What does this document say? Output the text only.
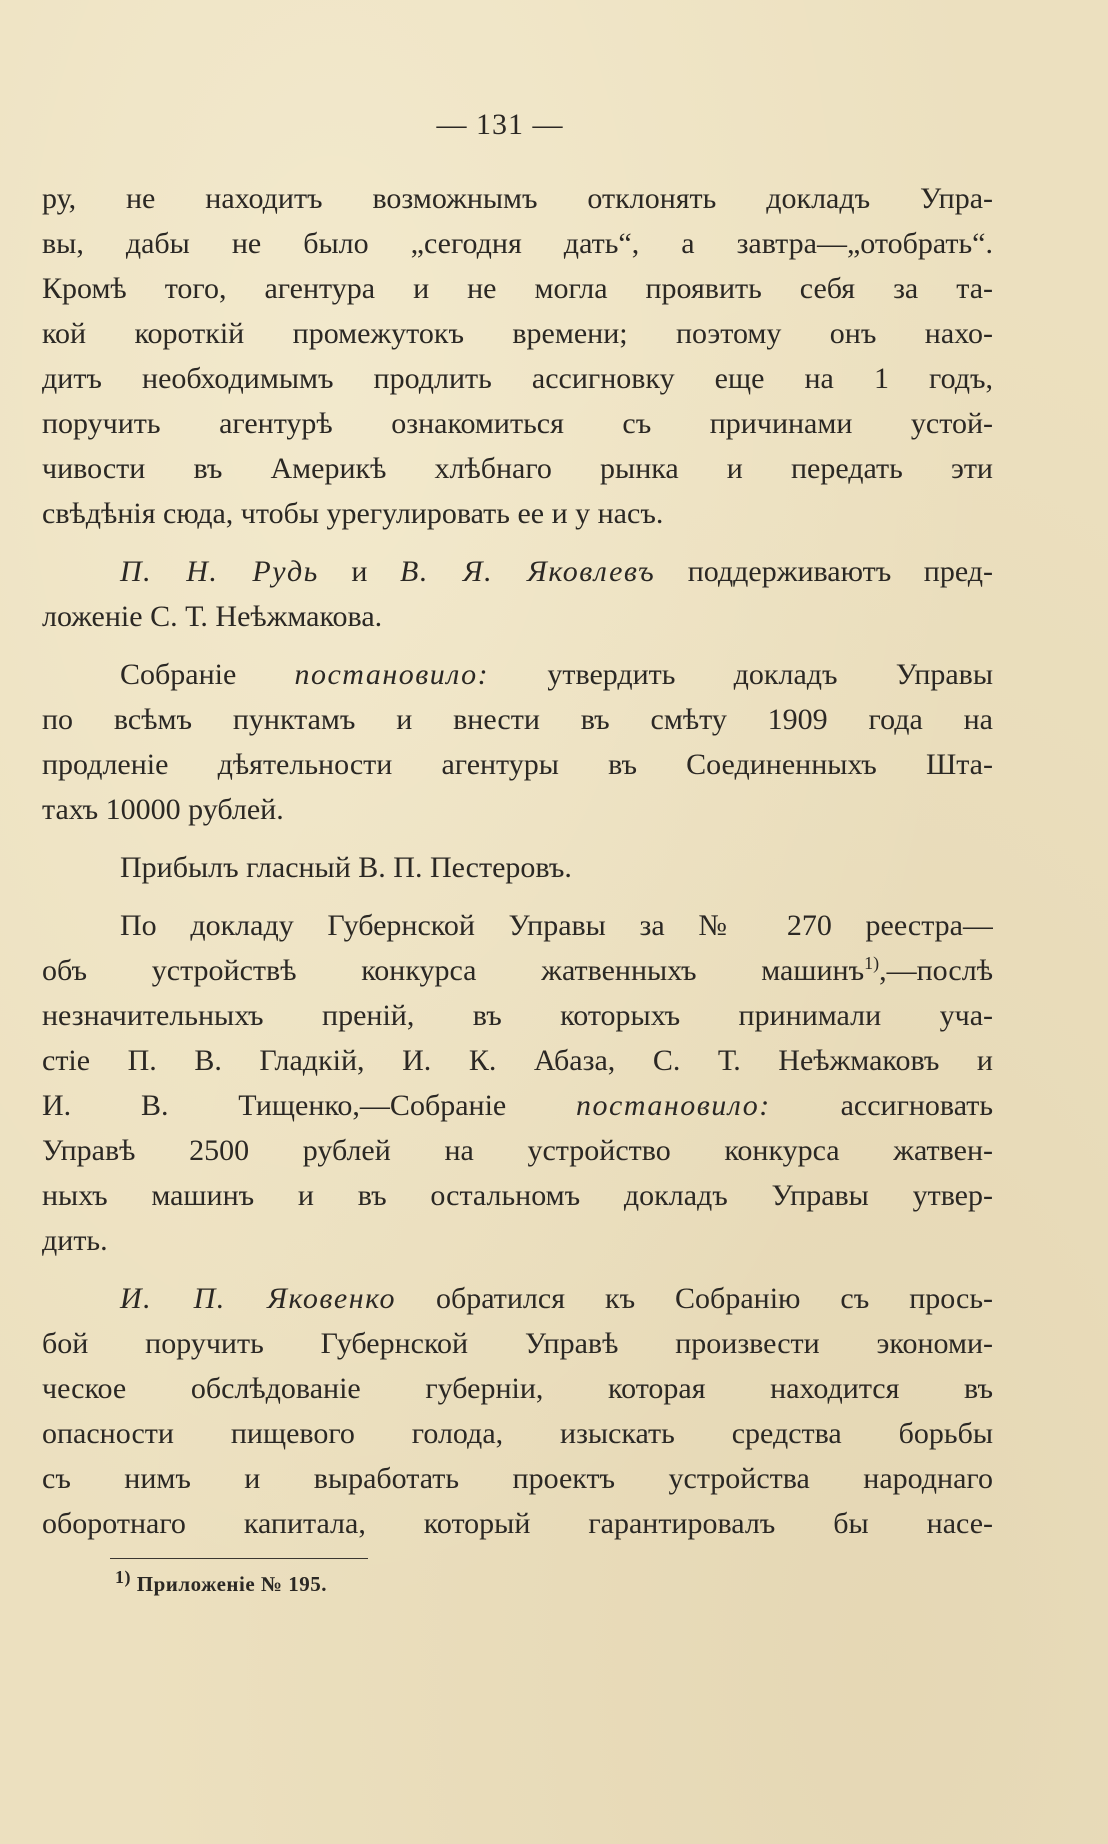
— 131 —
ру, не находитъ возможнымъ отклонять докладъ Упра-
вы, дабы не было „сегодня дать“, а завтра—„отобрать“.
Кромѣ того, агентура и не могла проявить себя за та-
кой короткій промежутокъ времени; поэтому онъ нахо-
дитъ необходимымъ продлить ассигновку еще на 1 годъ,
поручить агентурѣ ознакомиться съ причинами устой-
чивости въ Америкѣ хлѣбнаго рынка и передать эти
свѣдѣнія сюда, чтобы урегулировать ее и у насъ.
П. Н. Рудь и В. Я. Яковлевъ поддерживаютъ пред-
ложеніе С. Т. Неѣжмакова.
Собраніе постановило: утвердить докладъ Управы
по всѣмъ пунктамъ и внести въ смѣту 1909 года на
продленіе дѣятельности агентуры въ Соединенныхъ Шта-
тахъ 10000 рублей.
Прибылъ гласный В. П. Пестеровъ.
По докладу Губернской Управы за № 270 реестра—
объ устройствѣ конкурса жатвенныхъ машинъ$^{1)}$,—послѣ
незначительныхъ преній, въ которыхъ принимали уча-
стіе П. В. Гладкій, И. К. Абаза, С. Т. Неѣжмаковъ и
И. В. Тищенко,—Собраніе постановило: ассигновать
Управѣ 2500 рублей на устройство конкурса жатвен-
ныхъ машинъ и въ остальномъ докладъ Управы утвер-
дить.
И. П. Яковенко обратился къ Собранію съ прось-
бой поручить Губернской Управѣ произвести экономи-
ческое обслѣдованіе губерніи, которая находится въ
опасности пищевого голода, изыскать средства борьбы
съ нимъ и выработать проектъ устройства народнаго
оборотнаго капитала, который гарантировалъ бы насе-
$^{1)}$ Приложеніе № 195.
